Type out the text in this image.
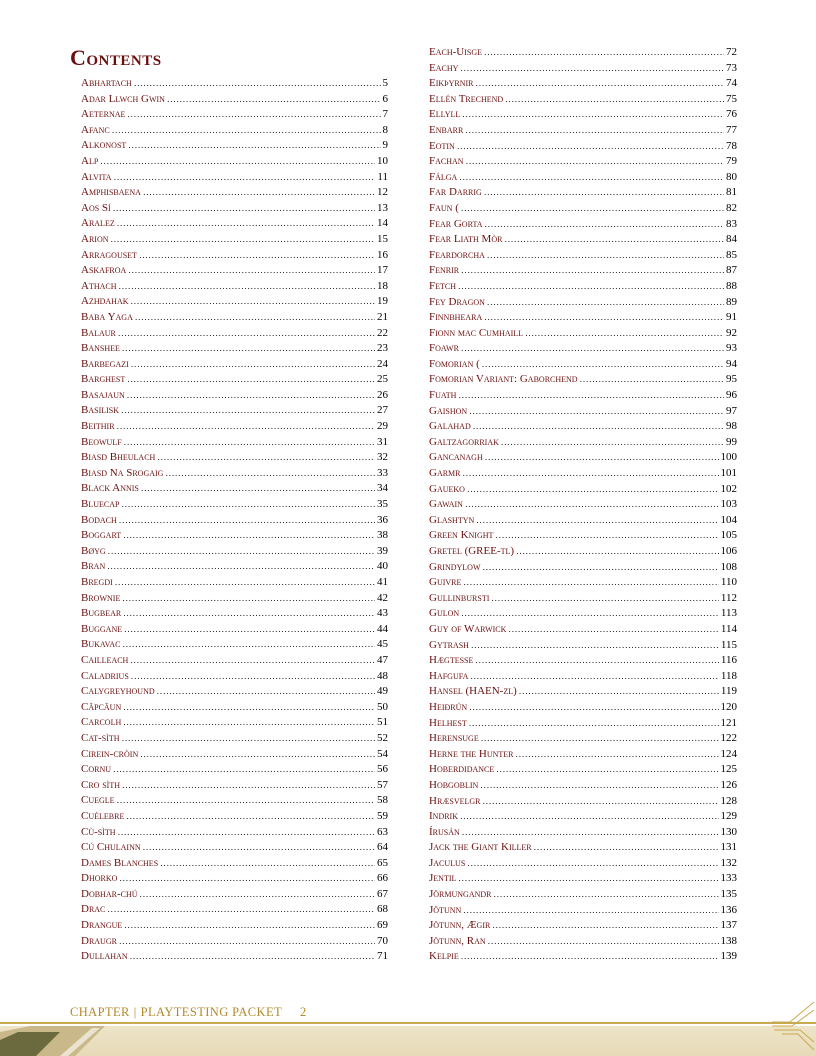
Contents
Abhartach .....	5
Adar Llwch Gwin .....	6
Aeternae .....	7
Afanc .....	8
Alkonost .....	9
Alp .....	10
Alvita .....	11
Amphisbaena .....	12
Aos Sí .....	13
Aralez .....	14
Arion .....	15
Arragouset .....	16
Askafroa .....	17
Athach .....	18
Azhdahak .....	19
Baba Yaga .....	21
Balaur .....	22
Banshee .....	23
Barbegazi .....	24
Barghest .....	25
Basajaun .....	26
Basilisk .....	27
Beithir .....	29
Beowulf .....	31
Biasd Bheulach .....	32
Biasd Na Srogaig .....	33
Black Annis .....	34
Bluecap .....	35
Bodach .....	36
Boggart .....	38
Bøyg .....	39
Bran .....	40
Bregdi .....	41
Brownie .....	42
Bugbear .....	43
Buggane .....	44
Bukavac .....	45
Cailleach .....	47
Caladrius .....	48
Calygreyhound .....	49
Căpcăun .....	50
Carcolh .....	51
Cat-sìth .....	52
Cirein-cròin .....	54
Cornu .....	56
Cro sìth .....	57
Cuegle .....	58
Cuélebre .....	59
Cù-sìth .....	63
Cú Chulainn .....	64
Dames Blanches .....	65
Dhorko .....	66
Dobhar-chú .....	67
Drac .....	68
Drangue .....	69
Draugr .....	70
Dullahan .....	71
Each-Uisge .....	72
Eachy .....	73
Eikþyrnir .....	74
Ellén Trechend .....	75
Ellyll .....	76
Enbarr .....	77
Eotin .....	78
Fachan .....	79
Fálga .....	80
Far Darrig .....	81
Faun ( .....	82
Fear Gorta .....	83
Fear Liath Mòr .....	84
Feardorcha .....	85
Fenrir .....	87
Fetch .....	88
Fey Dragon .....	89
Finnbheara .....	91
Fionn mac Cumhaill .....	92
Foawr .....	93
Fomorian ( .....	94
Fomorian Variant: Gaborchend .....	95
Fuath .....	96
Gaishon .....	97
Galahad .....	98
Galtzagorriak .....	99
Gancanagh .....	100
Garmr .....	101
Gaueko .....	102
Gawain .....	103
Glashtyn .....	104
Green Knight .....	105
Gretel (GREE-tl) .....	106
Grindylow .....	108
Guivre .....	110
Gullinbursti .....	112
Gulon .....	113
Guy of Warwick .....	114
Gytrash .....	115
Hægtesse .....	116
Hafgufa .....	118
Hansel (HAEN-zl) .....	119
Heiðrún .....	120
Helhest .....	121
Herensuge .....	122
Herne the Hunter .....	124
Hoberdidance .....	125
Hobgoblin .....	126
Hræsvelgr .....	128
Indrik .....	129
Írusán .....	130
Jack the Giant Killer .....	131
Jaculus .....	132
Jentil .....	133
Jörmungandr .....	135
Jötunn .....	136
Jötunn, Ægir .....	137
Jötunn, Ran .....	138
Kelpie .....	139
CHAPTER | PLAYTESTING PACKET 2
